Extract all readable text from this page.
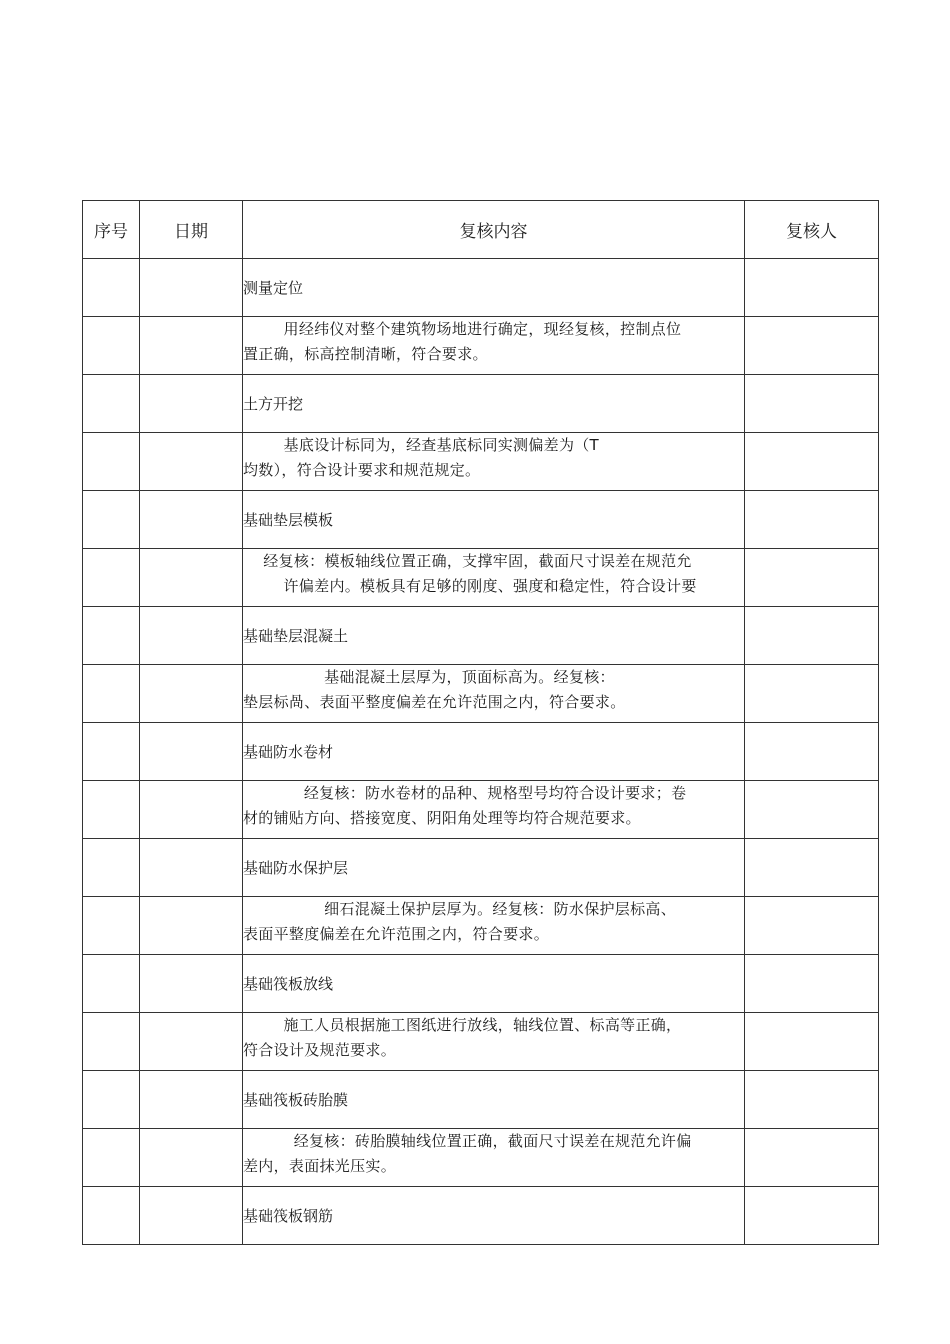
序号	日期	复核内容	复核人
		测量定位	

		用经纬仪对整个建筑物场地进行确定，现经复核，控制点位
置正确，标高控制清晰，符合要求。	

		土方开挖	

		基底设计标同为，经查基底标同实测偏差为（T
均数），符合设计要求和规范规定。	

		基础垫层模板	

		经复核：模板轴线位置正确，支撑牢固，截面尺寸误差在规范允
许偏差内。模板具有足够的刚度、强度和稳定性，符合设计要	

		基础垫层混凝土	

		基础混凝土层厚为，顶面标高为。经复核：
垫层标咼、表面平整度偏差在允许范围之内，符合要求。	

		基础防水卷材	

		经复核：防水卷材的品种、规格型号均符合设计要求；卷
材的铺贴方向、搭接宽度、阴阳角处理等均符合规范要求。	

		基础防水保护层	

		细石混凝土保护层厚为。经复核：防水保护层标高、
表面平整度偏差在允许范围之内，符合要求。	

		基础筏板放线	

		施工人员根据施工图纸进行放线，轴线位置、标高等正确，
符合设计及规范要求。	

		基础筏板砖胎膜	

		经复核：砖胎膜轴线位置正确，截面尺寸误差在规范允许偏
差内，表面抹光压实。	

		基础筏板钢筋	
